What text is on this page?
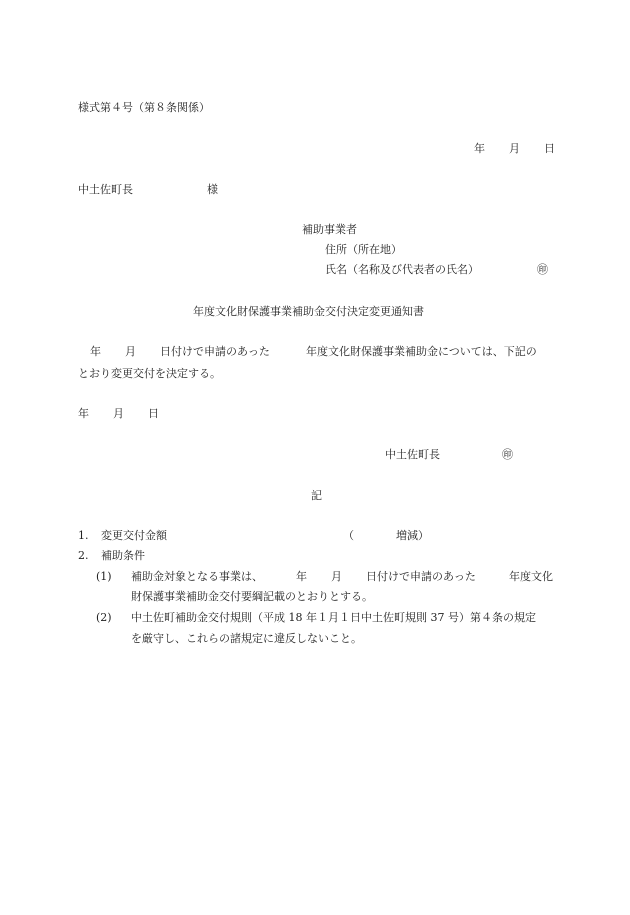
様式第４号（第８条関係）
年 月 日
中土佐町長	様
補助事業者
住所（所在地）
氏名（名称及び代表者の氏名）	㊞
年度文化財保護事業補助金交付決定変更通知書
年 月 日付けで申請のあった	年度文化財保護事業補助金については、下記の
とおり変更交付を決定する。
年 月 日
中土佐町長	㊞
記
1. 変更交付金額	（	増減）
2. 補助条件
(1) 補助金対象となる事業は、	年 月 日付けで申請のあった	年度文化
財保護事業補助金交付要綱記載のとおりとする。
(2) 中土佐町補助金交付規則（平成 18 年１月１日中土佐町規則 37 号）第４条の規定
を厳守し、これらの諸規定に違反しないこと。
